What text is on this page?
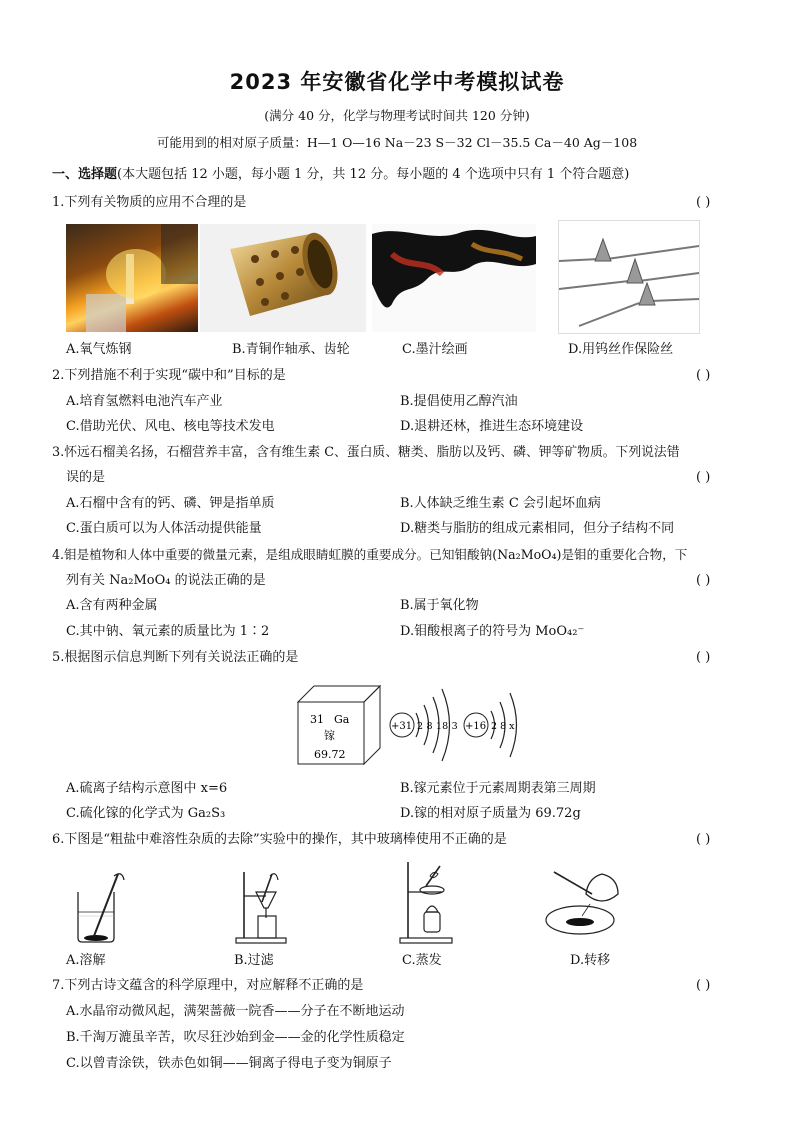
2023 年安徽省化学中考模拟试卷
(满分 40 分，化学与物理考试时间共 120 分钟)
可能用到的相对原子质量：H—1 O—16 Na－23 S－32 Cl－35.5 Ca－40 Ag－108
一、选择题(本大题包括 12 小题，每小题 1 分，共 12 分。每小题的 4 个选项中只有 1 个符合题意)
1.下列有关物质的应用不合理的是	( )
A.氧气炼钢	B.青铜作轴承、齿轮	C.墨汁绘画	D.用钨丝作保险丝
2.下列措施不利于实现“碳中和”目标的是	( )
A.培育氢燃料电池汽车产业	B.提倡使用乙醇汽油
C.借助光伏、风电、核电等技术发电	D.退耕还林，推进生态环境建设
3.怀远石榴美名扬，石榴营养丰富，含有维生素 C、蛋白质、糖类、脂肪以及钙、磷、钾等矿物质。下列说法错
误的是	( )
A.石榴中含有的钙、磷、钾是指单质	B.人体缺乏维生素 C 会引起坏血病
C.蛋白质可以为人体活动提供能量	D.糖类与脂肪的组成元素相同，但分子结构不同
4.钼是植物和人体中重要的微量元素，是组成眼睛虹膜的重要成分。已知钼酸钠(Na₂MoO₄)是钼的重要化合物，下
列有关 Na₂MoO₄ 的说法正确的是	( )
A.含有两种金属	B.属于氧化物
C.其中钠、氧元素的质量比为 1∶2	D.钼酸根离子的符号为 MoO₄₂⁻
5.根据图示信息判断下列有关说法正确的是	( )
31 Ga
镓
69.72
+31 2 8 18 3 +16 2 8 x
A.硫离子结构示意图中 x=6	B.镓元素位于元素周期表第三周期
C.硫化镓的化学式为 Ga₂S₃	D.镓的相对原子质量为 69.72g
6.下图是“粗盐中难溶性杂质的去除”实验中的操作，其中玻璃棒使用不正确的是	( )
A.溶解	B.过滤	C.蒸发	D.转移
7.下列古诗文蕴含的科学原理中，对应解释不正确的是	( )
A.水晶帘动微风起，满架蔷薇一院香——分子在不断地运动
B.千淘万漉虽辛苦，吹尽狂沙始到金——金的化学性质稳定
C.以曾青涂铁，铁赤色如铜——铜离子得电子变为铜原子
